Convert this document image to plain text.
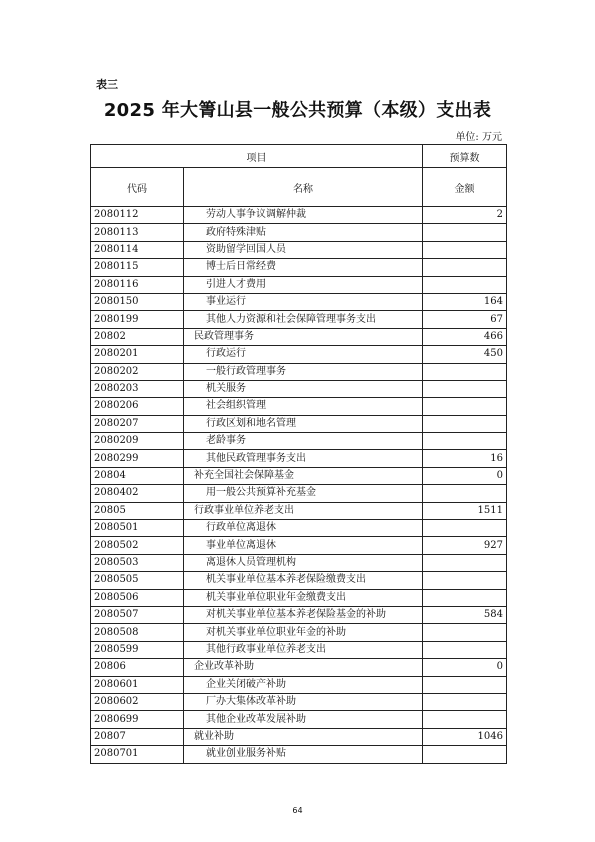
表三
2025 年大箐山县一般公共预算（本级）支出表
单位: 万元
项目		预算数
代码	名称	金额
2080112	劳动人事争议调解仲裁	2
2080113	政府特殊津贴	
2080114	资助留学回国人员	
2080115	博士后日常经费	
2080116	引进人才费用	
2080150	事业运行	164
2080199	其他人力资源和社会保障管理事务支出	67
20802	民政管理事务	466
2080201	行政运行	450
2080202	一般行政管理事务	
2080203	机关服务	
2080206	社会组织管理	
2080207	行政区划和地名管理	
2080209	老龄事务	
2080299	其他民政管理事务支出	16
20804	补充全国社会保障基金	0
2080402	用一般公共预算补充基金	
20805	行政事业单位养老支出	1511
2080501	行政单位离退休	
2080502	事业单位离退休	927
2080503	离退休人员管理机构	
2080505	机关事业单位基本养老保险缴费支出	
2080506	机关事业单位职业年金缴费支出	
2080507	对机关事业单位基本养老保险基金的补助	584
2080508	对机关事业单位职业年金的补助	
2080599	其他行政事业单位养老支出	
20806	企业改革补助	0
2080601	企业关闭破产补助	
2080602	厂办大集体改革补助	
2080699	其他企业改革发展补助	
20807	就业补助	1046
2080701	就业创业服务补贴	
64
